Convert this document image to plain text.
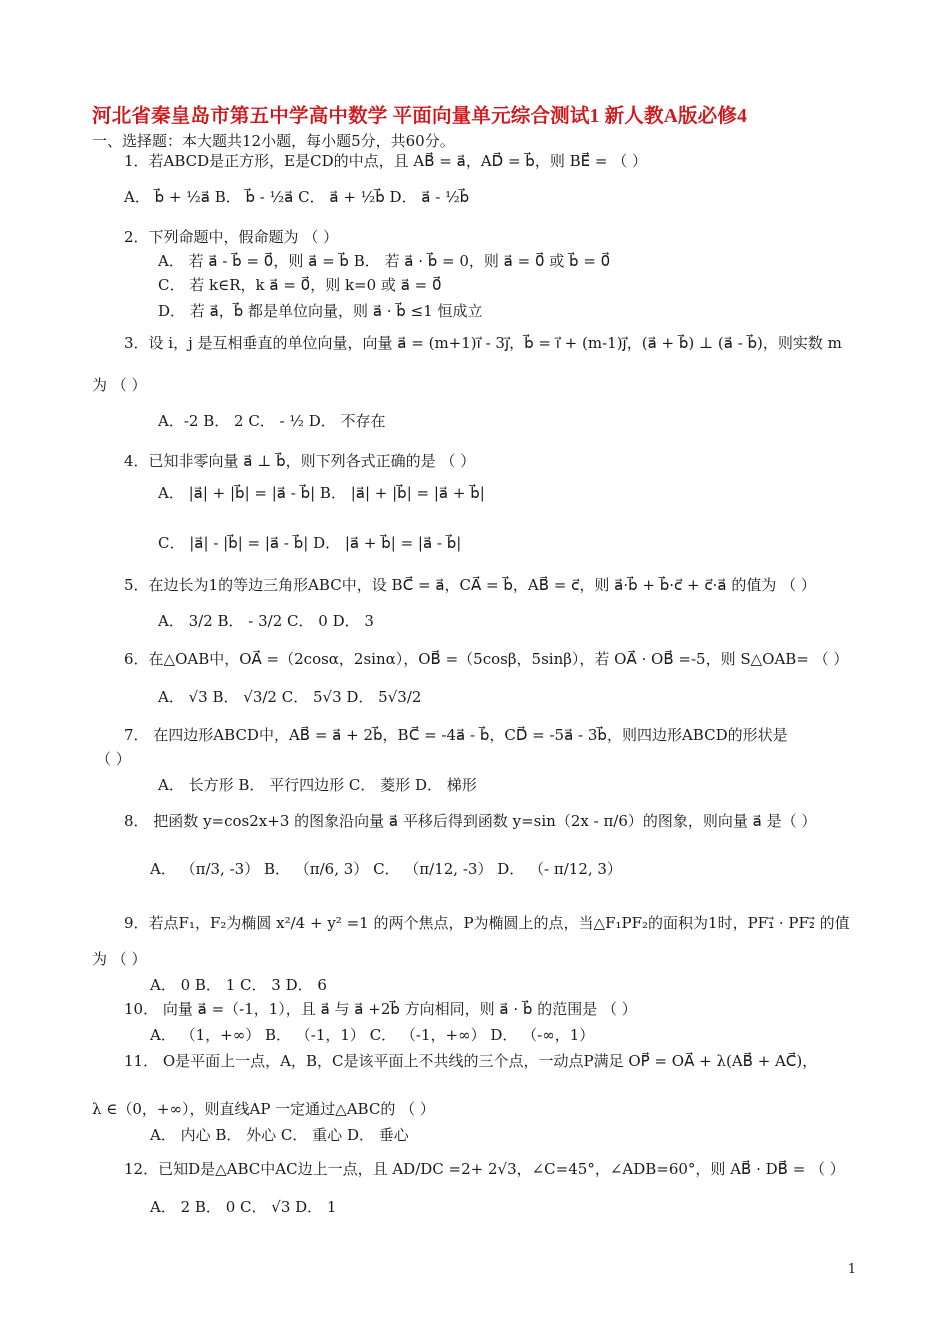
河北省秦皇岛市第五中学高中数学 平面向量单元综合测试1 新人教A版必修4
一、选择题：本大题共12小题，每小题5分，共60分。
1．若ABCD是正方形，E是CD的中点，且 AB⃗ = a⃗，AD⃗ = b⃗，则 BE⃗ = （ ）
A． b⃗ + ½a⃗ B． b⃗ - ½a⃗ C． a⃗ + ½b⃗ D． a⃗ - ½b⃗
2．下列命题中，假命题为 （ ）
A． 若 a⃗ - b⃗ = 0⃗，则 a⃗ = b⃗ B． 若 a⃗ · b⃗ = 0，则 a⃗ = 0⃗ 或 b⃗ = 0⃗
C． 若 k∈R，k a⃗ = 0⃗，则 k=0 或 a⃗ = 0⃗
D． 若 a⃗，b⃗ 都是单位向量，则 a⃗ · b⃗ ≤1 恒成立
3．设 i，j 是互相垂直的单位向量，向量 a⃗ = (m+1)i⃗ - 3j⃗，b⃗ = i⃗ + (m-1)j⃗，(a⃗ + b⃗) ⊥ (a⃗ - b⃗)，则实数 m
为 （ ）
A．-2 B． 2 C． - ½ D． 不存在
4．已知非零向量 a⃗ ⊥ b⃗，则下列各式正确的是 （ ）
A． |a⃗| + |b⃗| = |a⃗ - b⃗| B． |a⃗| + |b⃗| = |a⃗ + b⃗|
C． |a⃗| - |b⃗| = |a⃗ - b⃗| D． |a⃗ + b⃗| = |a⃗ - b⃗|
5．在边长为1的等边三角形ABC中，设 BC⃗ = a⃗，CA⃗ = b⃗，AB⃗ = c⃗，则 a⃗·b⃗ + b⃗·c⃗ + c⃗·a⃗ 的值为 （ ）
A． 3/2 B． - 3/2 C． 0 D． 3
6．在△OAB中，OA⃗ =（2cosα，2sinα），OB⃗ =（5cosβ，5sinβ），若 OA⃗ · OB⃗ =-5，则 S△OAB= （ ）
A． √3 B． √3/2 C． 5√3 D． 5√3/2
7． 在四边形ABCD中，AB⃗ = a⃗ + 2b⃗，BC⃗ = -4a⃗ - b⃗，CD⃗ = -5a⃗ - 3b⃗，则四边形ABCD的形状是
（ ）
A． 长方形 B． 平行四边形 C． 菱形 D． 梯形
8． 把函数 y=cos2x+3 的图象沿向量 a⃗ 平移后得到函数 y=sin（2x - π/6）的图象，则向量 a⃗ 是（ ）
A． （π/3, -3） B． （π/6, 3） C． （π/12, -3） D． （- π/12, 3）
9．若点F₁，F₂为椭圆 x²/4 + y² =1 的两个焦点，P为椭圆上的点，当△F₁PF₂的面积为1时，PF₁⃗ · PF₂⃗ 的值
为 （ ）
A． 0 B． 1 C． 3 D． 6
10． 向量 a⃗ =（-1，1），且 a⃗ 与 a⃗ +2b⃗ 方向相同，则 a⃗ · b⃗ 的范围是 （ ）
A． （1，+∞） B． （-1，1） C． （-1，+∞） D． （-∞，1）
11． O是平面上一点，A，B，C是该平面上不共线的三个点，一动点P满足 OP⃗ = OA⃗ + λ(AB⃗ + AC⃗)，
λ ∈（0，+∞），则直线AP 一定通过△ABC的 （ ）
A． 内心 B． 外心 C． 重心 D． 垂心
12．已知D是△ABC中AC边上一点，且 AD/DC =2+ 2√3，∠C=45°，∠ADB=60°，则 AB⃗ · DB⃗ = （ ）
A． 2 B． 0 C． √3 D． 1
1
